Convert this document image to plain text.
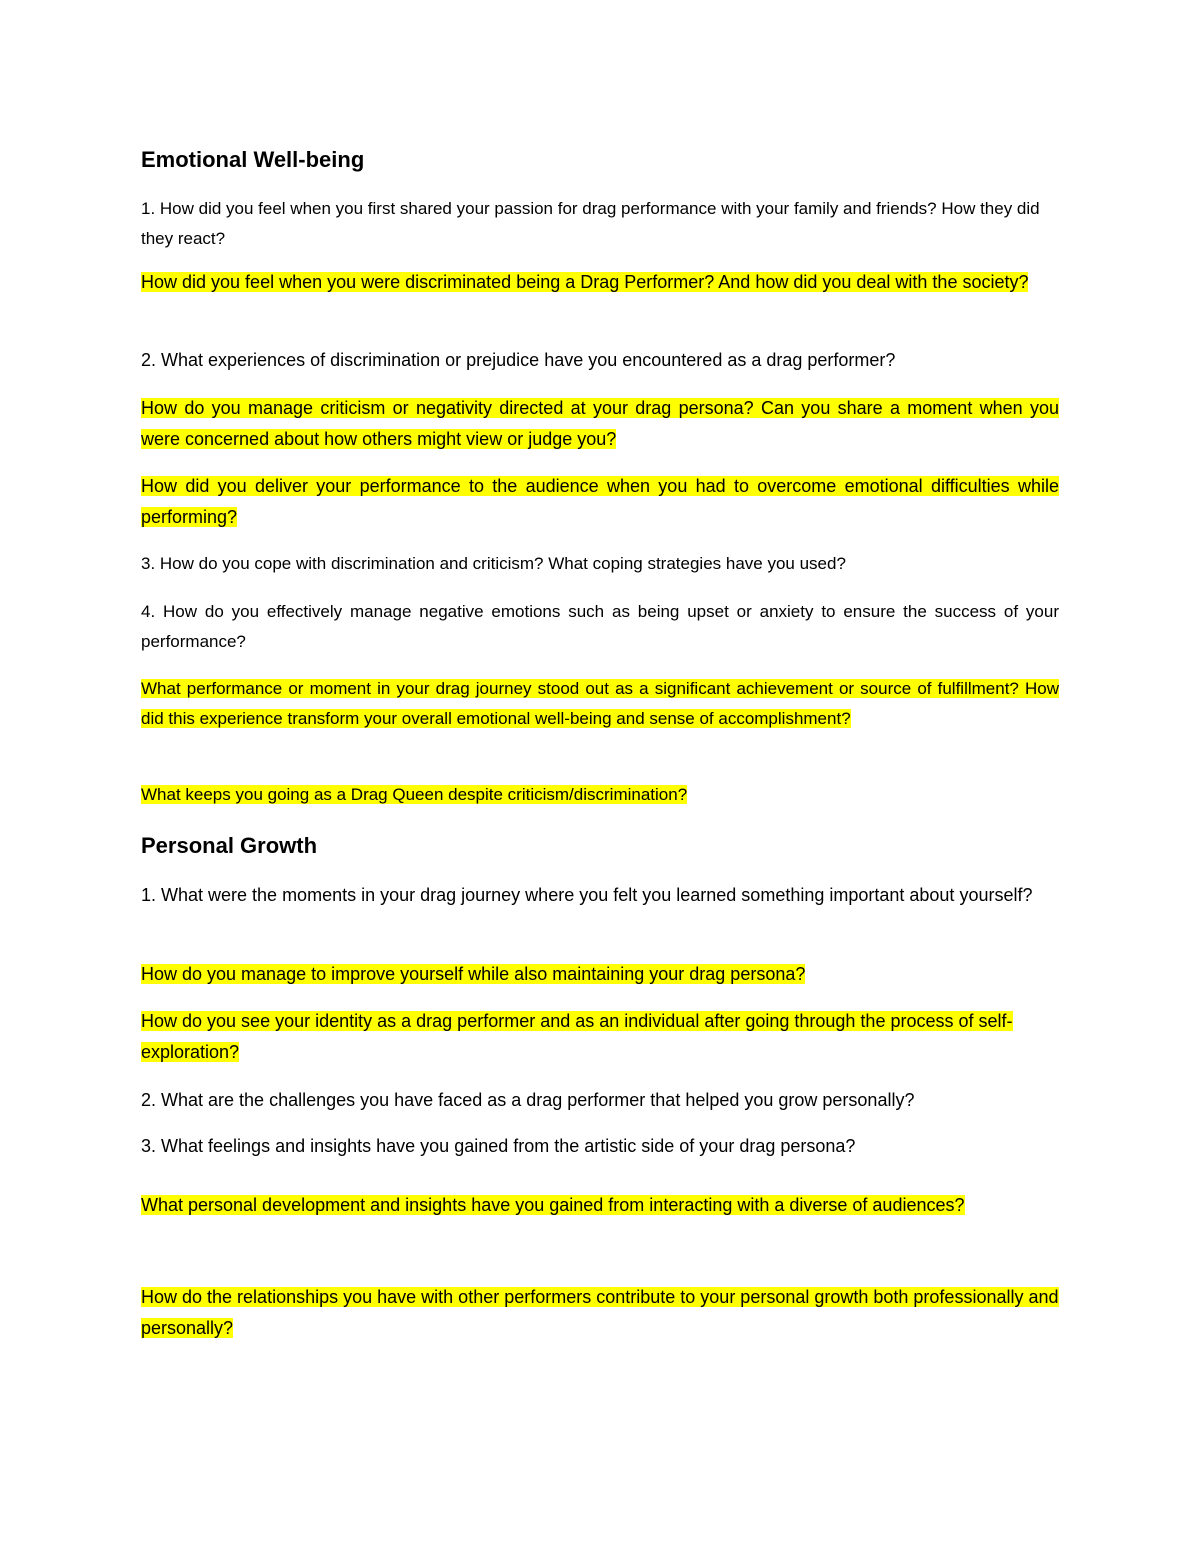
Emotional Well-being

1. How did you feel when you first shared your passion for drag performance with your family and friends? How they did they react?

How did you feel when you were discriminated being a Drag Performer? And how did you deal with the society?

2. What experiences of discrimination or prejudice have you encountered as a drag performer?

How do you manage criticism or negativity directed at your drag persona? Can you share a moment when you were concerned about how others might view or judge you?

How did you deliver your performance to the audience when you had to overcome emotional difficulties while performing?

3. How do you cope with discrimination and criticism? What coping strategies have you used?

4. How do you effectively manage negative emotions such as being upset or anxiety to ensure the success of your performance?

What performance or moment in your drag journey stood out as a significant achievement or source of fulfillment? How did this experience transform your overall emotional well-being and sense of accomplishment?

What keeps you going as a Drag Queen despite criticism/discrimination?

Personal Growth

1. What were the moments in your drag journey where you felt you learned something important about yourself?

How do you manage to improve yourself while also maintaining your drag persona?

How do you see your identity as a drag performer and as an individual after going through the process of self-exploration?

2. What are the challenges you have faced as a drag performer that helped you grow personally?

3. What feelings and insights have you gained from the artistic side of your drag persona?

What personal development and insights have you gained from interacting with a diverse of audiences?

How do the relationships you have with other performers contribute to your personal growth both professionally and personally?
